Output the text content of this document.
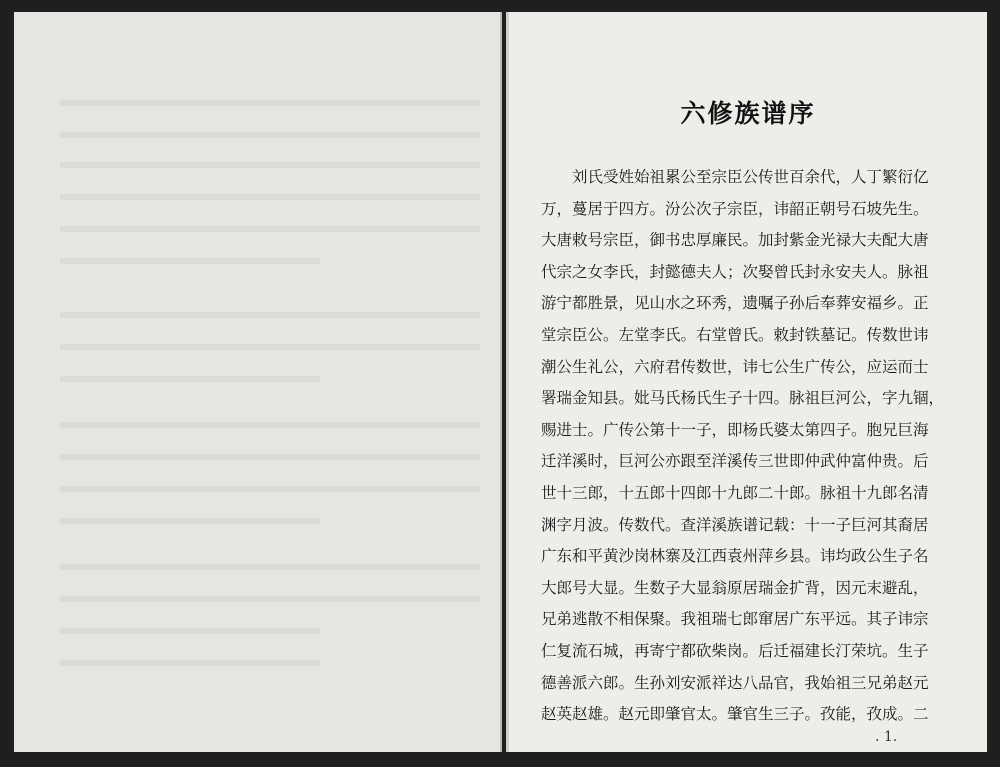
六修族谱序
刘氏受姓始祖累公至宗臣公传世百余代，人丁繁衍亿
万，蔓居于四方。汾公次子宗臣，讳韶正朝号石坡先生。
大唐敕号宗臣，御书忠厚廉民。加封紫金光禄大夫配大唐
代宗之女李氏，封懿德夫人；次娶曾氏封永安夫人。脉祖
游宁都胜景，见山水之环秀，遗嘱子孙后奉葬安福乡。正
堂宗臣公。左堂李氏。右堂曾氏。敕封铁墓记。传数世讳
潮公生礼公，六府君传数世，讳七公生广传公，应运而士
署瑞金知县。妣马氏杨氏生子十四。脉祖巨河公，字九锢，
赐进士。广传公第十一子，即杨氏婆太第四子。胞兄巨海
迁洋溪时，巨河公亦跟至洋溪传三世即仲武仲富仲贵。后
世十三郎，十五郎十四郎十九郎二十郎。脉祖十九郎名清
渊字月波。传数代。查洋溪族谱记载：十一子巨河其裔居
广东和平黄沙岗林寨及江西袁州萍乡县。讳均政公生子名
大郎号大显。生数子大显翁原居瑞金扩背，因元末避乱，
兄弟逃散不相保聚。我祖瑞七郎窜居广东平远。其子讳宗
仁复流石城，再寄宁都砍柴岗。后迁福建长汀荣坑。生子
德善派六郎。生孙刘安派祥达八品官，我始祖三兄弟赵元
赵英赵雄。赵元即肇官太。肇官生三子。孜能，孜成。二
. 1.
